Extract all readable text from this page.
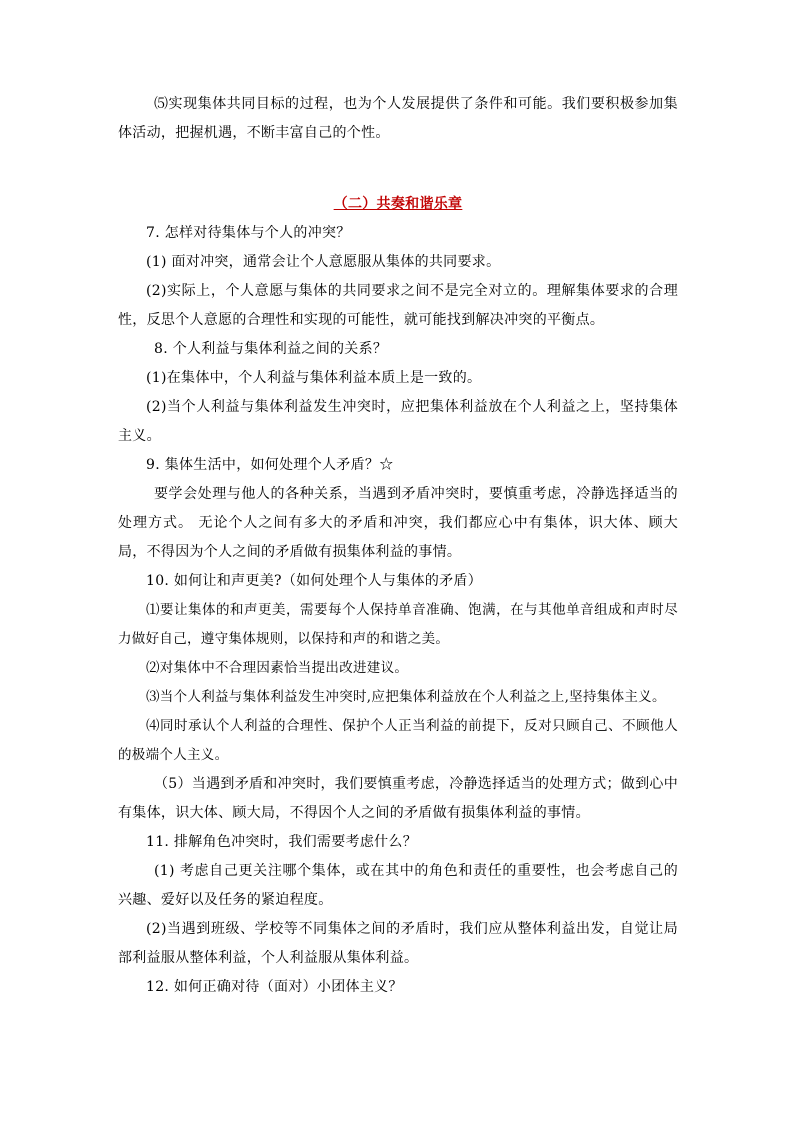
⑸实现集体共同目标的过程，也为个人发展提供了条件和可能。我们要积极参加集体活动，把握机遇，不断丰富自己的个性。

（二）共奏和谐乐章

7. 怎样对待集体与个人的冲突？

(1) 面对冲突，通常会让个人意愿服从集体的共同要求。

(2)实际上，个人意愿与集体的共同要求之间不是完全对立的。理解集体要求的合理性，反思个人意愿的合理性和实现的可能性，就可能找到解决冲突的平衡点。

8. 个人利益与集体利益之间的关系？

(1)在集体中，个人利益与集体利益本质上是一致的。

(2)当个人利益与集体利益发生冲突时，应把集体利益放在个人利益之上，坚持集体主义。

9. 集体生活中，如何处理个人矛盾？☆

要学会处理与他人的各种关系，当遇到矛盾冲突时，要慎重考虑，冷静选择适当的处理方式。 无论个人之间有多大的矛盾和冲突，我们都应心中有集体，识大体、顾大局，不得因为个人之间的矛盾做有损集体利益的事情。

10. 如何让和声更美?（如何处理个人与集体的矛盾）

⑴要让集体的和声更美，需要每个人保持单音准确、饱满，在与其他单音组成和声时尽力做好自己，遵守集体规则，以保持和声的和谐之美。

⑵对集体中不合理因素恰当提出改进建议。

⑶当个人利益与集体利益发生冲突时,应把集体利益放在个人利益之上,坚持集体主义。

⑷同时承认个人利益的合理性、保护个人正当利益的前提下，反对只顾自己、不顾他人的极端个人主义。

（5）当遇到矛盾和冲突时，我们要慎重考虑，冷静选择适当的处理方式；做到心中有集体，识大体、顾大局，不得因个人之间的矛盾做有损集体利益的事情。

11. 排解角色冲突时，我们需要考虑什么？

(1) 考虑自己更关注哪个集体，或在其中的角色和责任的重要性，也会考虑自己的兴趣、爱好以及任务的紧迫程度。

(2)当遇到班级、学校等不同集体之间的矛盾时，我们应从整体利益出发，自觉让局部利益服从整体利益，个人利益服从集体利益。

12. 如何正确对待（面对）小团体主义？
